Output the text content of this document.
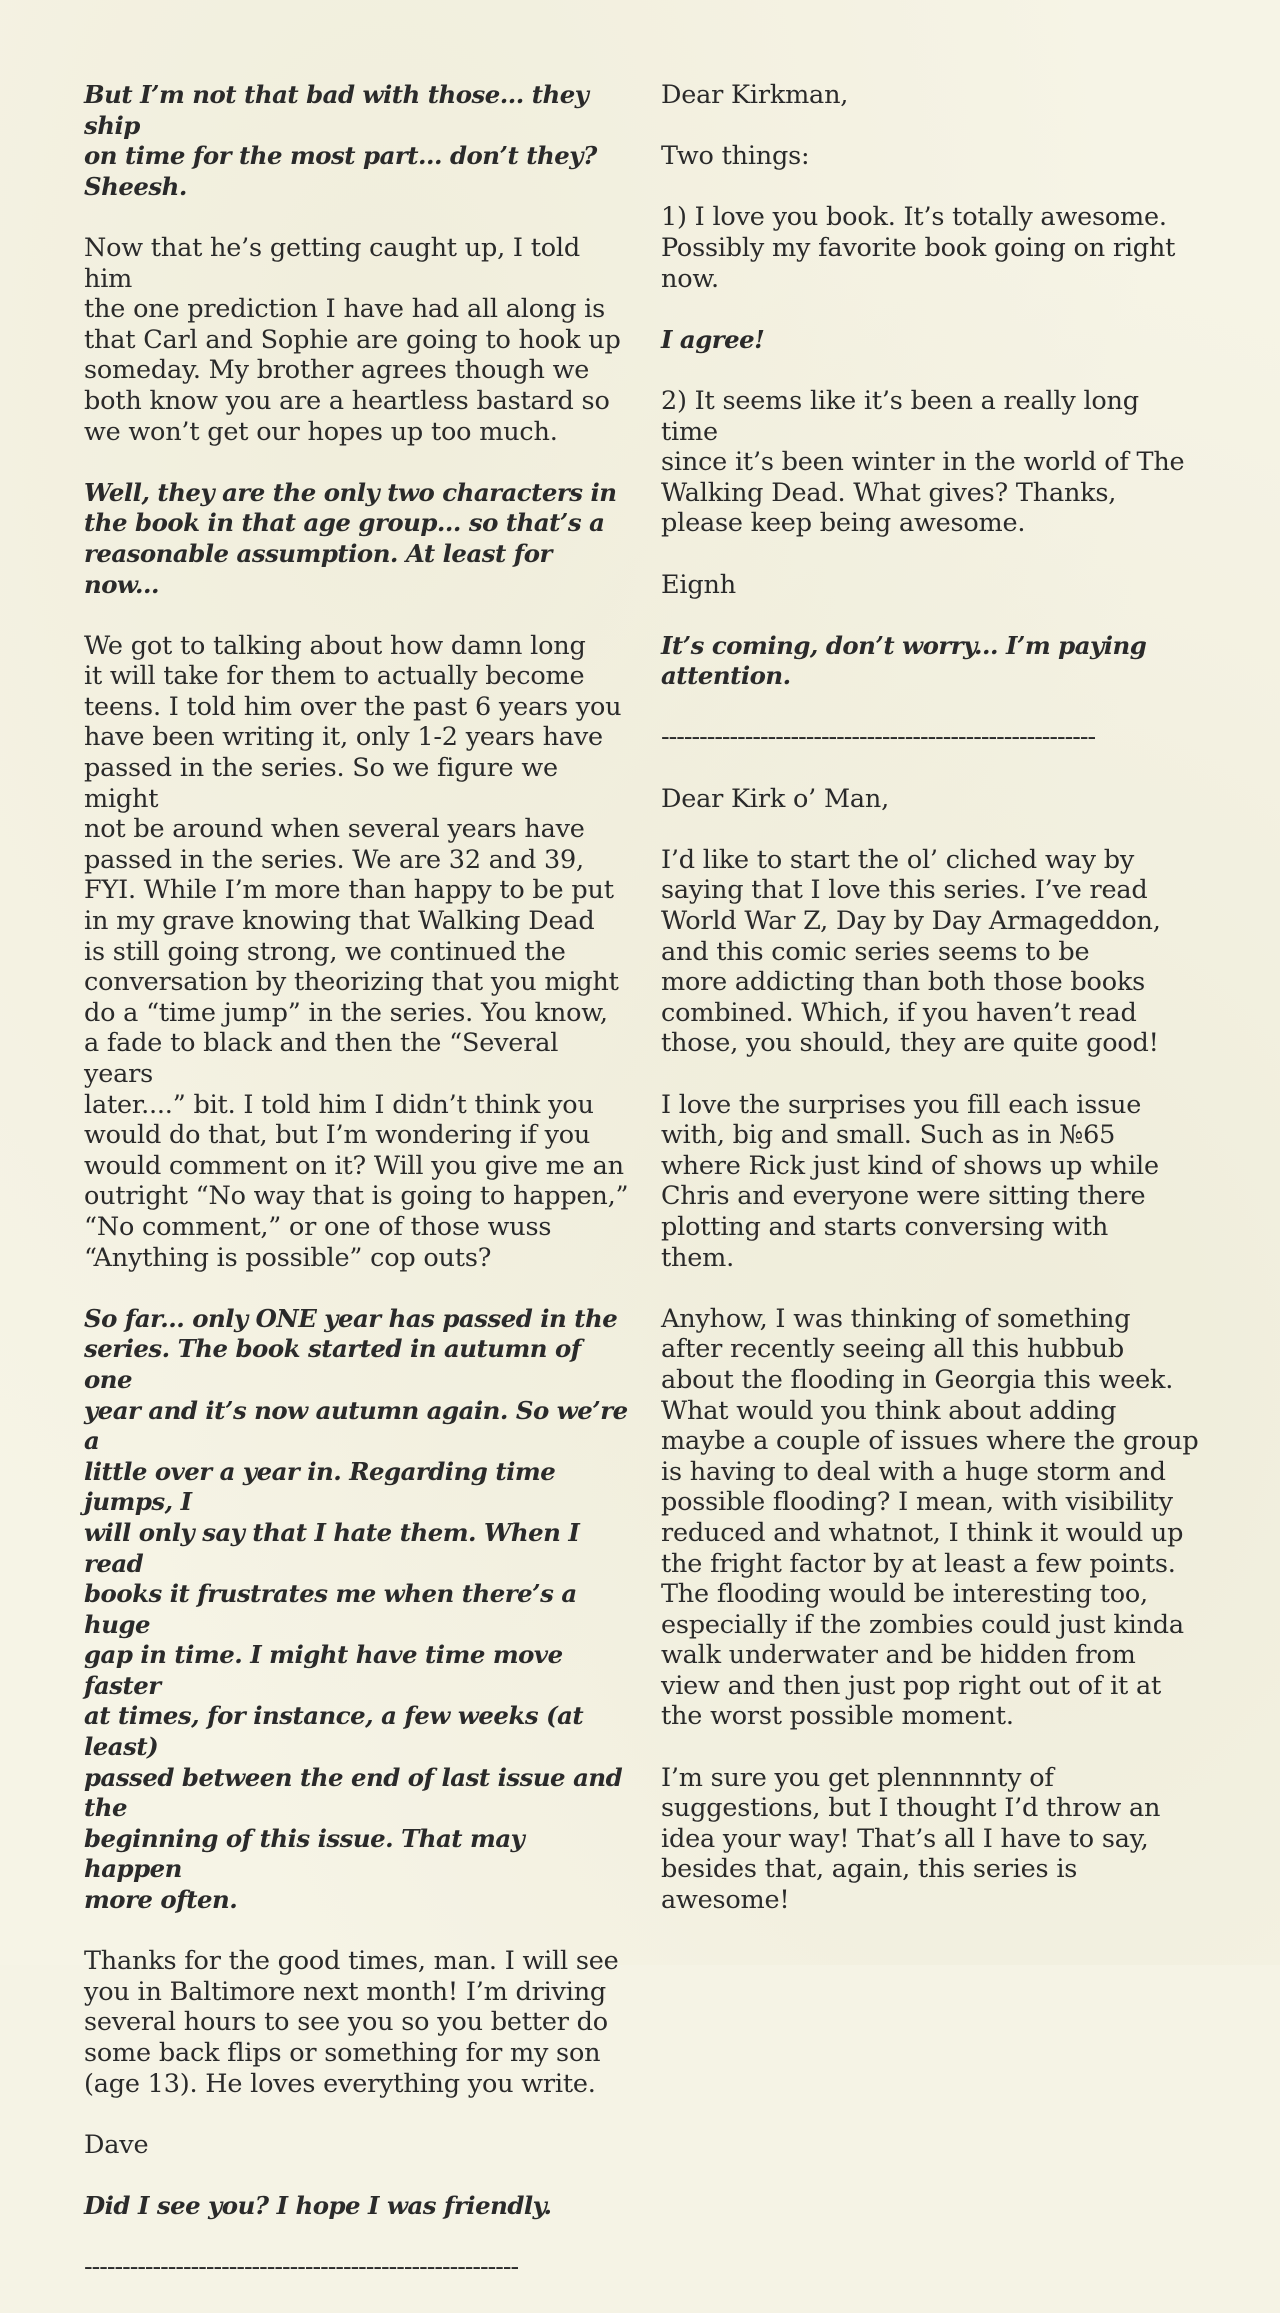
But I’m not that bad with those... they ship
on time for the most part... don’t they?
Sheesh.

Now that he’s getting caught up, I told him
the one prediction I have had all along is
that Carl and Sophie are going to hook up
someday. My brother agrees though we
both know you are a heartless bastard so
we won’t get our hopes up too much.

Well, they are the only two characters in
the book in that age group... so that’s a
reasonable assumption. At least for now...

We got to talking about how damn long
it will take for them to actually become
teens. I told him over the past 6 years you
have been writing it, only 1-2 years have
passed in the series. So we figure we might
not be around when several years have
passed in the series. We are 32 and 39,
FYI. While I’m more than happy to be put
in my grave knowing that Walking Dead
is still going strong, we continued the
conversation by theorizing that you might
do a “time jump” in the series. You know,
a fade to black and then the “Several years
later....” bit. I told him I didn’t think you
would do that, but I’m wondering if you
would comment on it? Will you give me an
outright “No way that is going to happen,”
“No comment,” or one of those wuss
“Anything is possible” cop outs?

So far... only ONE year has passed in the
series. The book started in autumn of one
year and it’s now autumn again. So we’re a
little over a year in. Regarding time jumps, I
will only say that I hate them. When I read
books it frustrates me when there’s a huge
gap in time. I might have time move faster
at times, for instance, a few weeks (at least)
passed between the end of last issue and the
beginning of this issue. That may happen
more often.

Thanks for the good times, man. I will see
you in Baltimore next month! I’m driving
several hours to see you so you better do
some back flips or something for my son
(age 13). He loves everything you write.

Dave

Did I see you? I hope I was friendly.

---------------------------------------------------------

Dear Kirkman,

Two things:

1) I love you book. It’s totally awesome.
Possibly my favorite book going on right
now.

I agree!

2) It seems like it’s been a really long time
since it’s been winter in the world of The
Walking Dead. What gives? Thanks,
please keep being awesome.

Eignh

It’s coming, don’t worry... I’m paying
attention.

---------------------------------------------------------

Dear Kirk o’ Man,

I’d like to start the ol’ cliched way by
saying that I love this series. I’ve read
World War Z, Day by Day Armageddon,
and this comic series seems to be
more addicting than both those books
combined. Which, if you haven’t read
those, you should, they are quite good!

I love the surprises you fill each issue
with, big and small. Such as in №65
where Rick just kind of shows up while
Chris and everyone were sitting there
plotting and starts conversing with
them.

Anyhow, I was thinking of something
after recently seeing all this hubbub
about the flooding in Georgia this week.
What would you think about adding
maybe a couple of issues where the group
is having to deal with a huge storm and
possible flooding? I mean, with visibility
reduced and whatnot, I think it would up
the fright factor by at least a few points.
The flooding would be interesting too,
especially if the zombies could just kinda
walk underwater and be hidden from
view and then just pop right out of it at
the worst possible moment.

I’m sure you get plennnnnty of
suggestions, but I thought I’d throw an
idea your way! That’s all I have to say,
besides that, again, this series is awesome!
